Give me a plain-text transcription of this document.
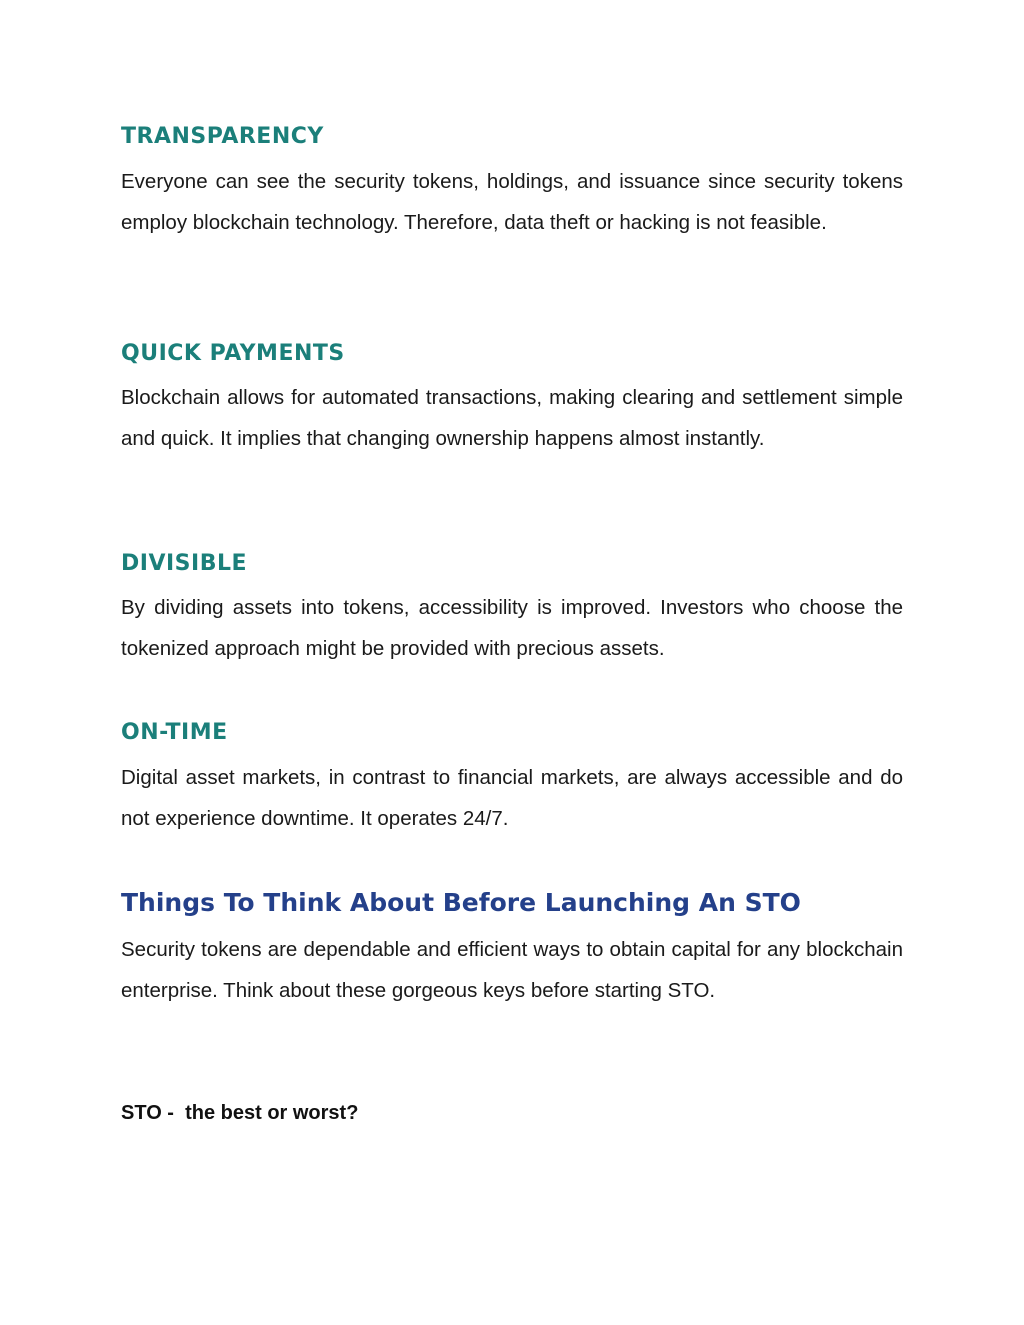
TRANSPARENCY

Everyone can see the security tokens, holdings, and issuance since security tokens employ blockchain technology. Therefore, data theft or hacking is not feasible.

QUICK PAYMENTS

Blockchain allows for automated transactions, making clearing and settlement simple and quick. It implies that changing ownership happens almost instantly.

DIVISIBLE

By dividing assets into tokens, accessibility is improved. Investors who choose the tokenized approach might be provided with precious assets.

ON-TIME

Digital asset markets, in contrast to financial markets, are always accessible and do not experience downtime. It operates 24/7.

Things To Think About Before Launching An STO

Security tokens are dependable and efficient ways to obtain capital for any blockchain enterprise. Think about these gorgeous keys before starting STO.

STO -  the best or worst?
